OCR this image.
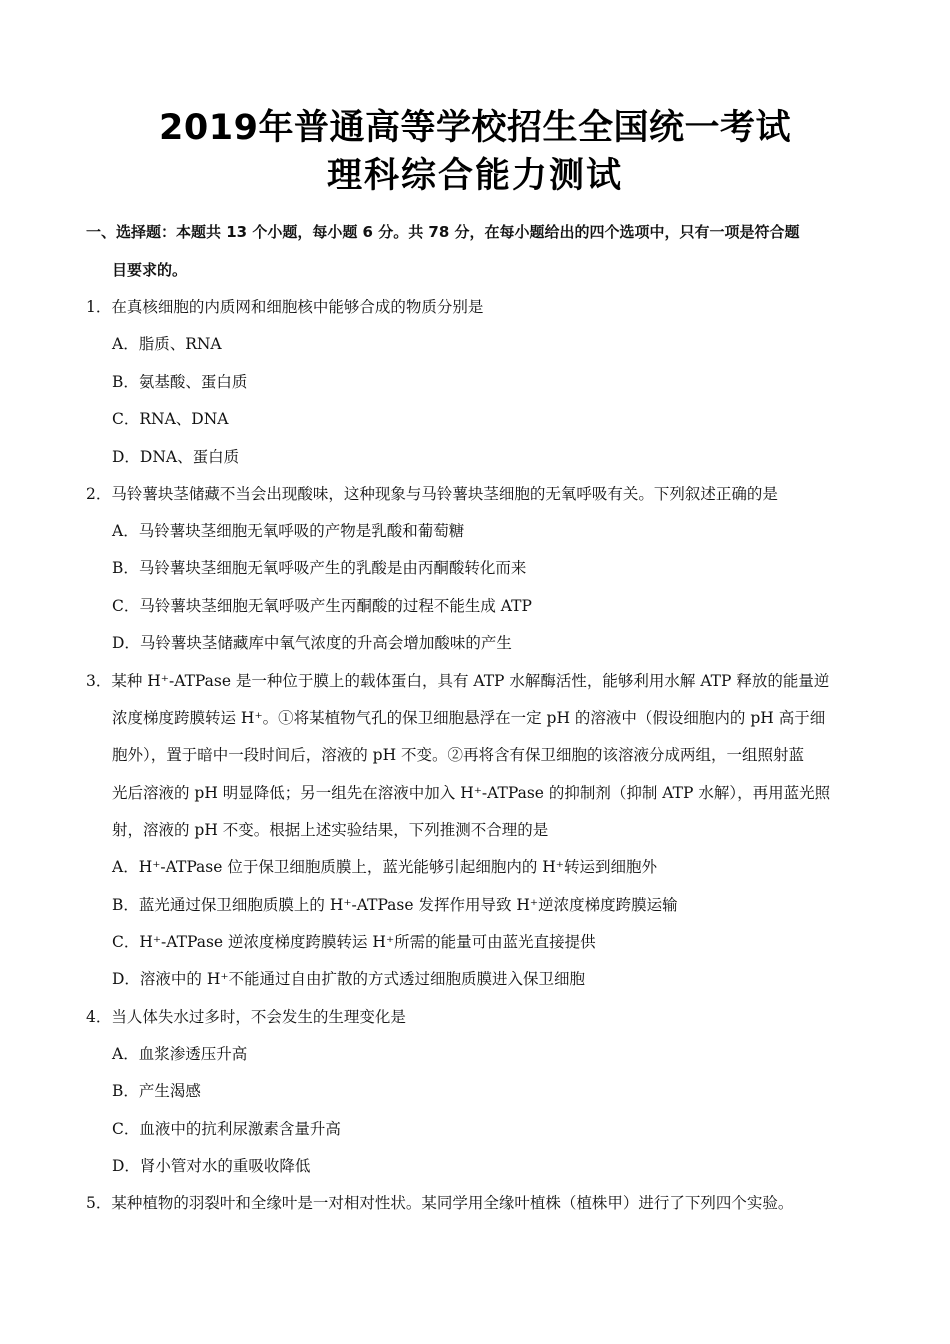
2019年普通高等学校招生全国统一考试
理科综合能力测试
一、选择题：本题共 13 个小题，每小题 6 分。共 78 分，在每小题给出的四个选项中，只有一项是符合题
目要求的。
1．在真核细胞的内质网和细胞核中能够合成的物质分别是
A．脂质、RNA
B．氨基酸、蛋白质
C．RNA、DNA
D．DNA、蛋白质
2．马铃薯块茎储藏不当会出现酸味，这种现象与马铃薯块茎细胞的无氧呼吸有关。下列叙述正确的是
A．马铃薯块茎细胞无氧呼吸的产物是乳酸和葡萄糖
B．马铃薯块茎细胞无氧呼吸产生的乳酸是由丙酮酸转化而来
C．马铃薯块茎细胞无氧呼吸产生丙酮酸的过程不能生成 ATP
D．马铃薯块茎储藏库中氧气浓度的升高会增加酸味的产生
3．某种 H⁺-ATPase 是一种位于膜上的载体蛋白，具有 ATP 水解酶活性，能够利用水解 ATP 释放的能量逆
浓度梯度跨膜转运 H⁺。①将某植物气孔的保卫细胞悬浮在一定 pH 的溶液中（假设细胞内的 pH 高于细
胞外），置于暗中一段时间后，溶液的 pH 不变。②再将含有保卫细胞的该溶液分成两组，一组照射蓝
光后溶液的 pH 明显降低；另一组先在溶液中加入 H⁺-ATPase 的抑制剂（抑制 ATP 水解），再用蓝光照
射，溶液的 pH 不变。根据上述实验结果，下列推测不合理的是
A．H⁺-ATPase 位于保卫细胞质膜上，蓝光能够引起细胞内的 H⁺转运到细胞外
B．蓝光通过保卫细胞质膜上的 H⁺-ATPase 发挥作用导致 H⁺逆浓度梯度跨膜运输
C．H⁺-ATPase 逆浓度梯度跨膜转运 H⁺所需的能量可由蓝光直接提供
D．溶液中的 H⁺不能通过自由扩散的方式透过细胞质膜进入保卫细胞
4．当人体失水过多时，不会发生的生理变化是
A．血浆渗透压升高
B．产生渴感
C．血液中的抗利尿激素含量升高
D．肾小管对水的重吸收降低
5．某种植物的羽裂叶和全缘叶是一对相对性状。某同学用全缘叶植株（植株甲）进行了下列四个实验。
